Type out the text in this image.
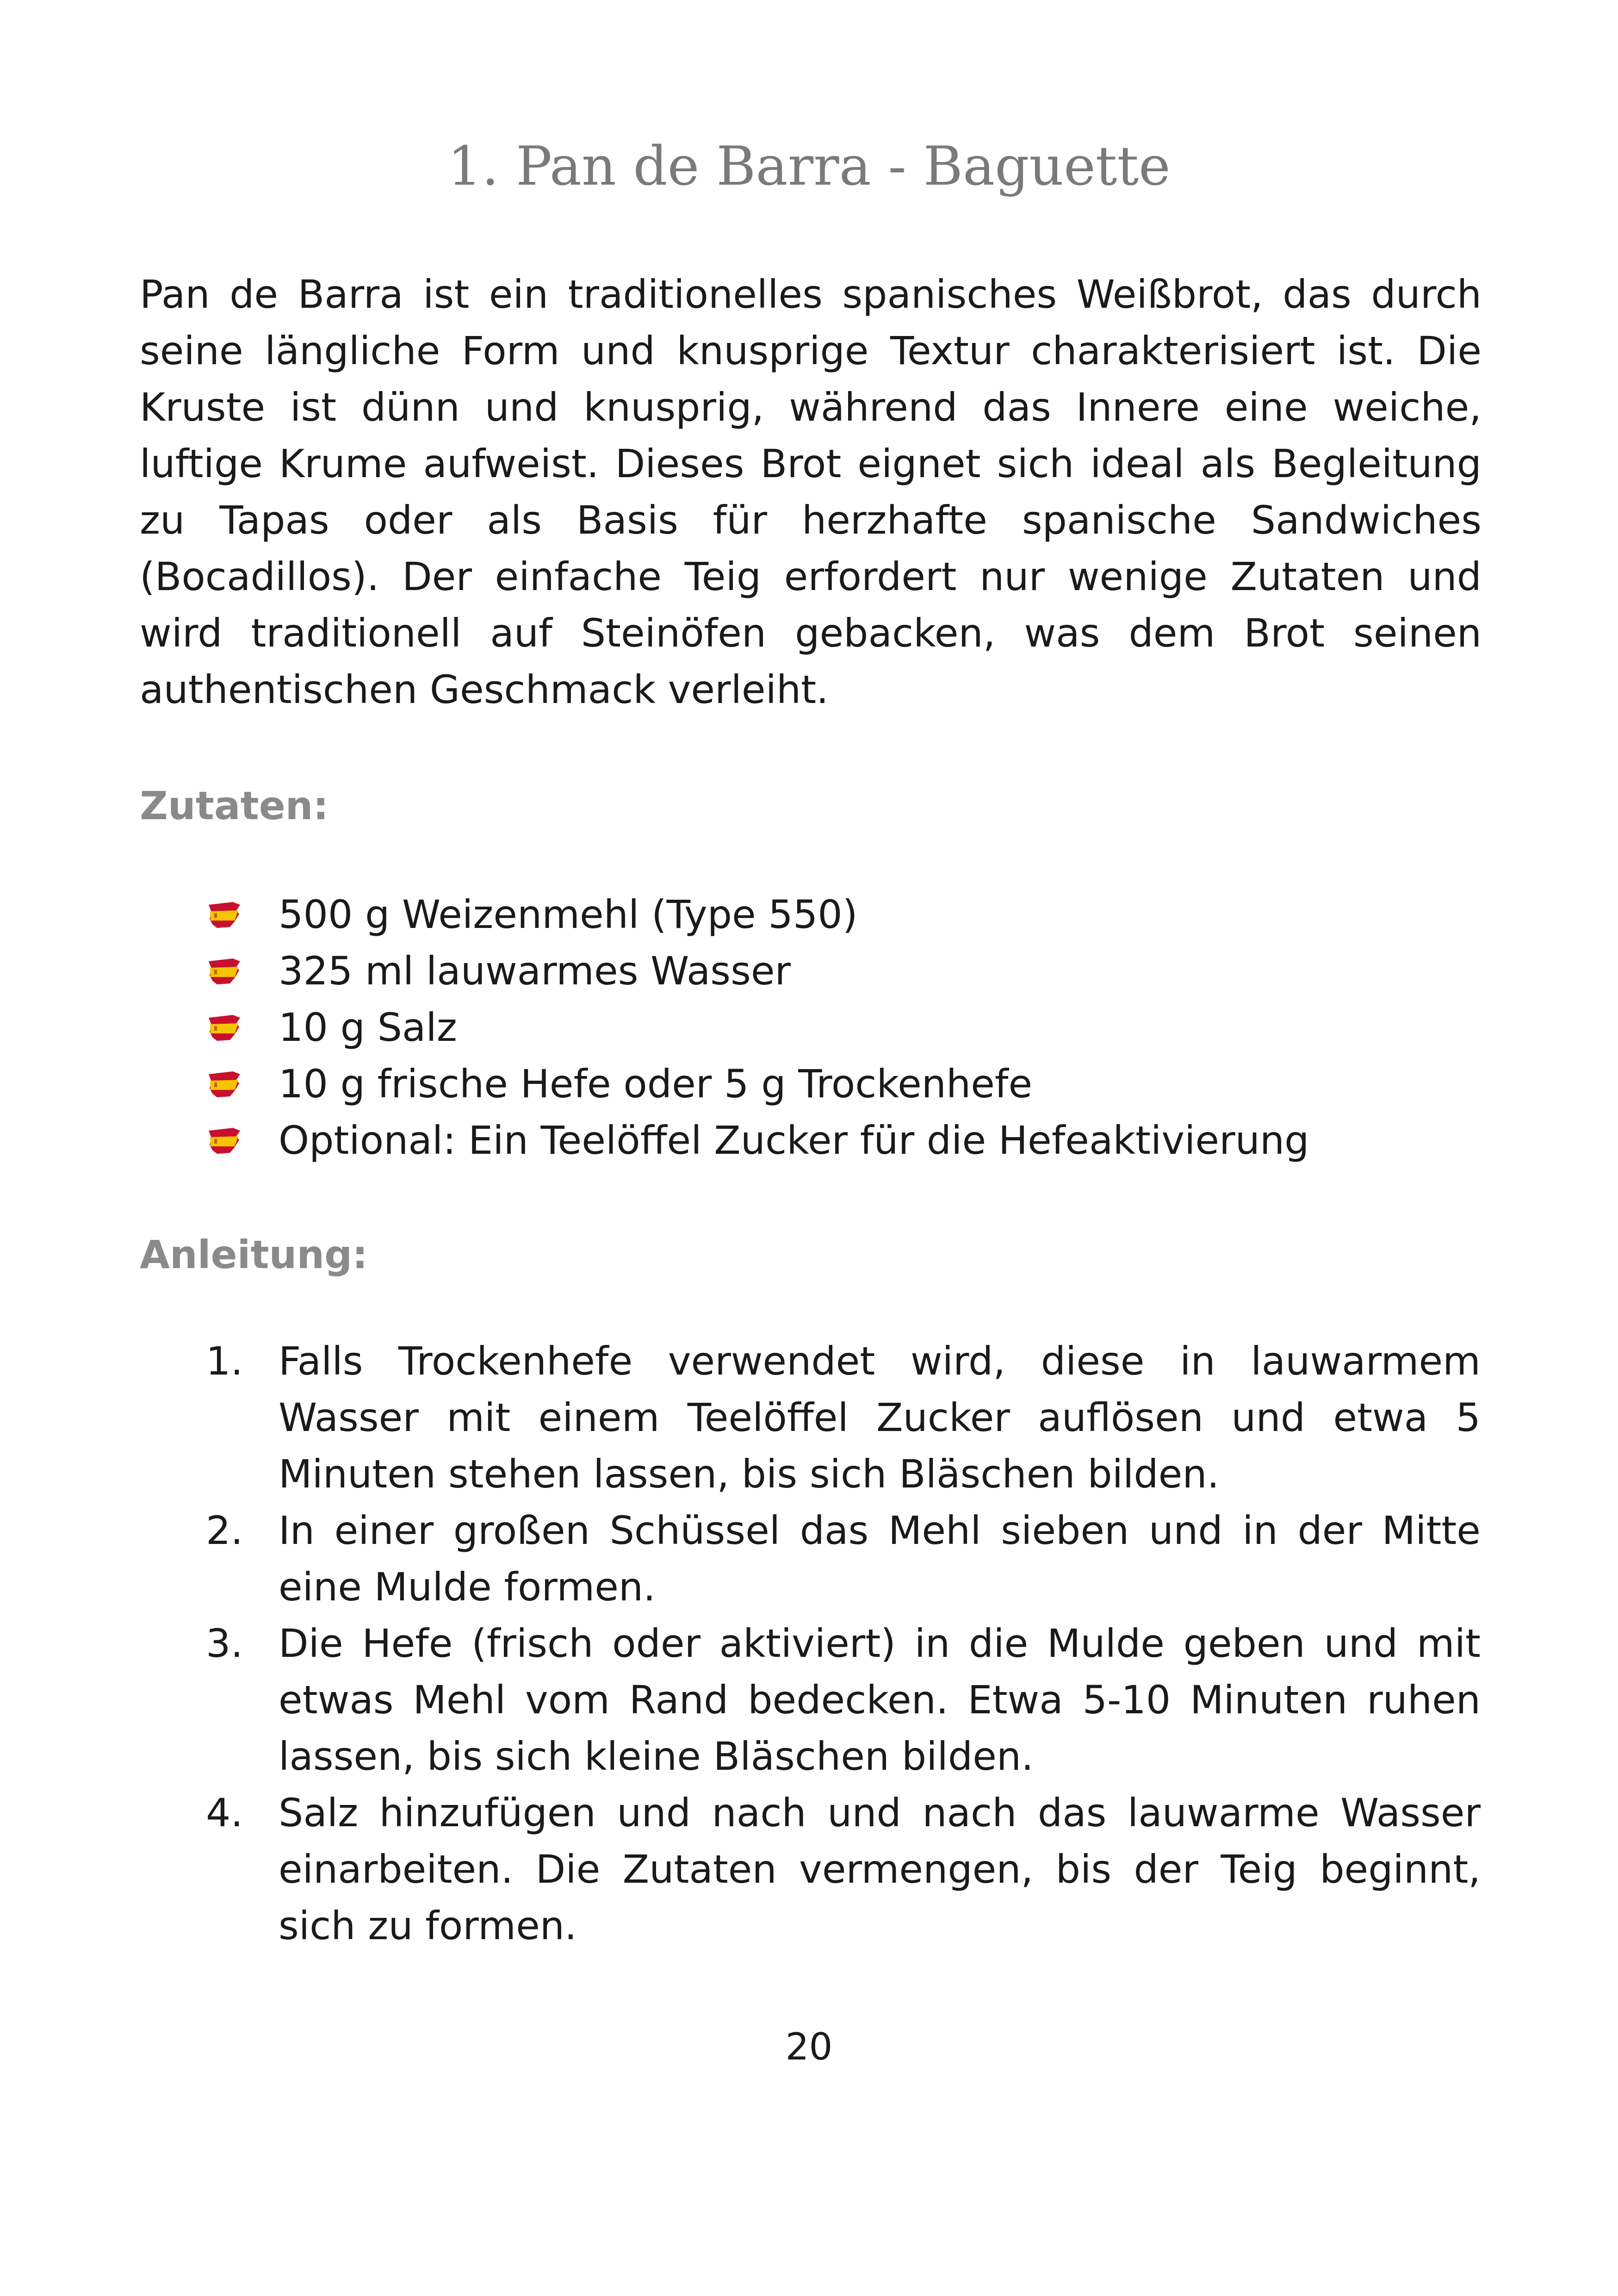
1. Pan de Barra - Baguette

Pan de Barra ist ein traditionelles spanisches Weißbrot, das durch seine längliche Form und knusprige Textur charakterisiert ist. Die Kruste ist dünn und knusprig, während das Innere eine weiche, luftige Krume aufweist. Dieses Brot eignet sich ideal als Begleitung zu Tapas oder als Basis für herzhafte spanische Sandwiches (Bocadillos). Der einfache Teig erfordert nur wenige Zutaten und wird traditionell auf Steinöfen gebacken, was dem Brot seinen authentischen Geschmack verleiht.

Zutaten:
500 g Weizenmehl (Type 550)
325 ml lauwarmes Wasser
10 g Salz
10 g frische Hefe oder 5 g Trockenhefe
Optional: Ein Teelöffel Zucker für die Hefeaktivierung
Anleitung:
1. Falls Trockenhefe verwendet wird, diese in lauwarmem Wasser mit einem Teelöffel Zucker auflösen und etwa 5 Minuten stehen lassen, bis sich Bläschen bilden.
2. In einer großen Schüssel das Mehl sieben und in der Mitte eine Mulde formen.
3. Die Hefe (frisch oder aktiviert) in die Mulde geben und mit etwas Mehl vom Rand bedecken. Etwa 5-10 Minuten ruhen lassen, bis sich kleine Bläschen bilden.
4. Salz hinzufügen und nach und nach das lauwarme Wasser einarbeiten. Die Zutaten vermengen, bis der Teig beginnt, sich zu formen.

20
